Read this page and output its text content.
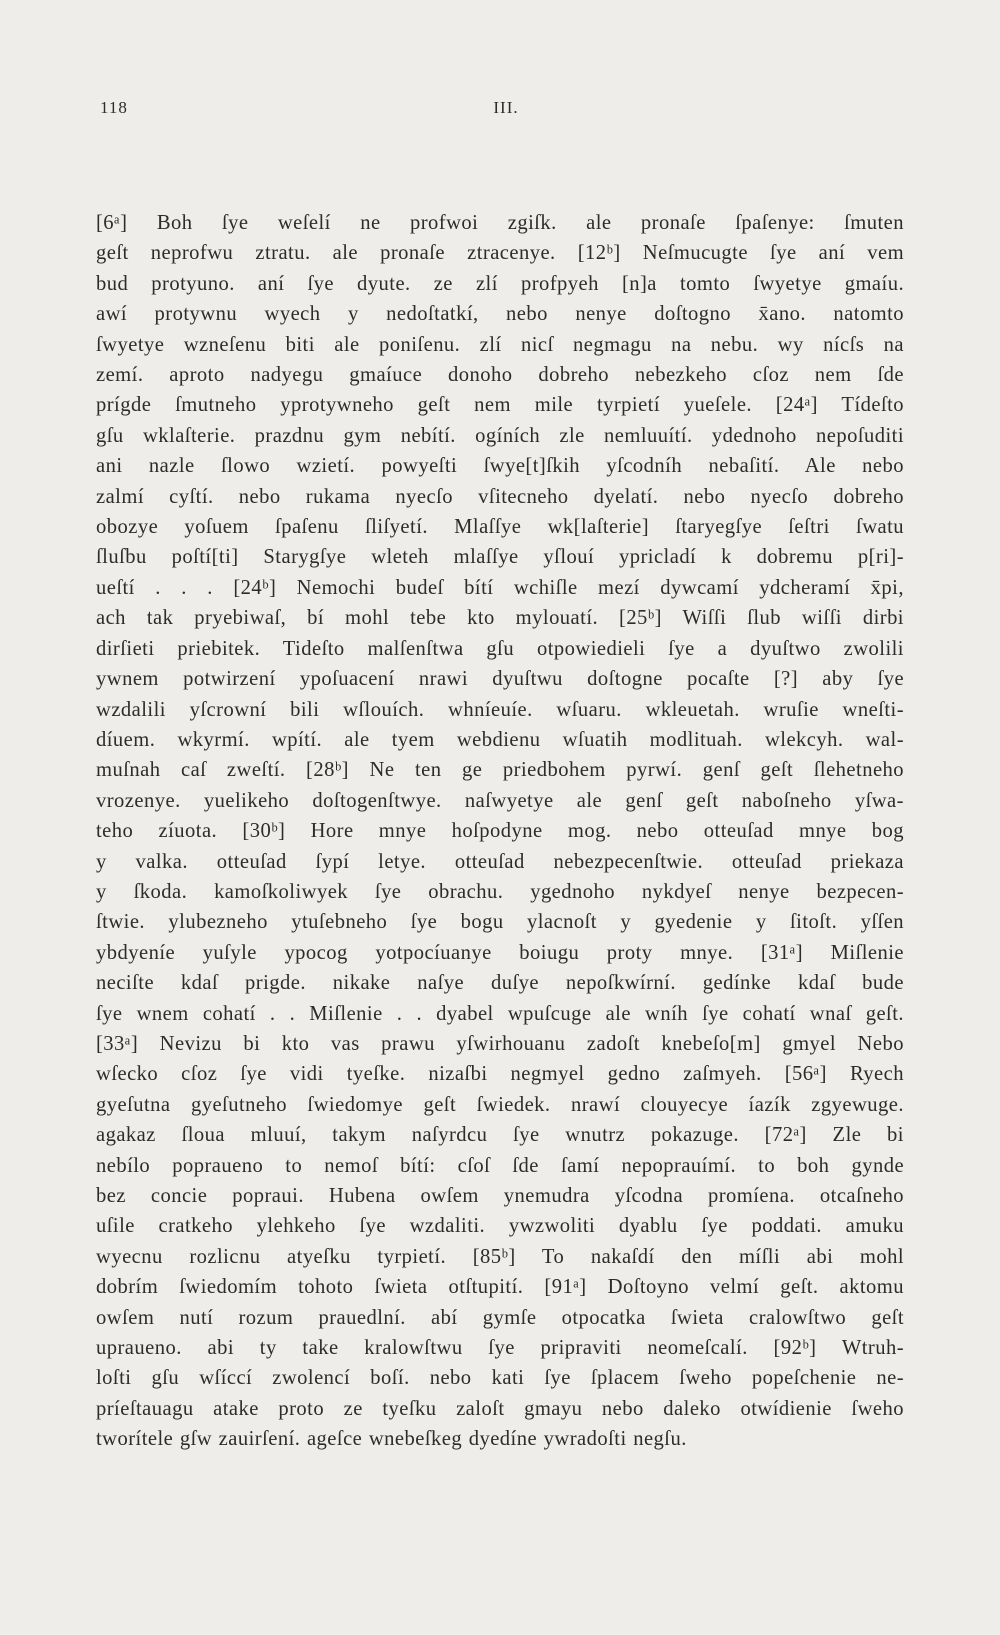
118	III.
[6ᵃ] Boh ſye weſelí ne profwoi zgiſk. ale pronaſe ſpaſenye: ſmuten
geſt neprofwu ztratu. ale pronaſe ztracenye. [12ᵇ] Neſmucugte ſye aní vem
bud protyuno. aní ſye dyute. ze zlí profpyeh [n]a tomto ſwyetye gmaíu.
awí protywnu wyech y nedoſtatkí, nebo nenye doſtogno x̄ano. natomto
ſwyetye wzneſenu biti ale poniſenu. zlí nicſ negmagu na nebu. wy nícſs na
zemí. aproto nadyegu gmaíuce donoho dobreho nebezkeho cſoz nem ſde
prígde ſmutneho yprotywneho geſt nem mile tyrpietí yueſele. [24ᵃ] Tídeſto
gſu wklaſterie. prazdnu gym nebítí. ogíních zle nemluuítí. ydednoho nepoſuditi
ani nazle ſlowo wzietí. powyeſti ſwye[t]ſkih yſcodníh nebaſití. Ale nebo
zalmí cyſtí. nebo rukama nyecſo vſitecneho dyelatí. nebo nyecſo dobreho
obozye yoſuem ſpaſenu ſliſyetí. Mlaſſye wk[laſterie] ſtaryegſye ſeſtri ſwatu
ſluſbu poſtí[ti] Starygſye wleteh mlaſſye yſlouí ypricladí k dobremu p[ri]-
ueſtí . . . [24ᵇ] Nemochi budeſ bítí wchiſle mezí dywcamí ydcheramí x̄pi,
ach tak pryebiwaſ, bí mohl tebe kto mylouatí. [25ᵇ] Wiſſi ſlub wiſſi dirbi
dirſieti priebitek. Tideſto malſenſtwa gſu otpowiedieli ſye a dyuſtwo zwolili
ywnem potwirzení ypoſuacení nrawi dyuſtwu doſtogne pocaſte [?] aby ſye
wzdalili yſcrowní bili wſlouích. whníeuíe. wſuaru. wkleuetah. wruſie wneſti-
díuem. wkyrmí. wpítí. ale tyem webdienu wſuatih modlituah. wlekcyh. wal-
muſnah caſ zweſtí. [28ᵇ] Ne ten ge priedbohem pyrwí. genſ geſt ſlehetneho
vrozenye. yuelikeho doſtogenſtwye. naſwyetye ale genſ geſt naboſneho yſwa-
teho zíuota. [30ᵇ] Hore mnye hoſpodyne mog. nebo otteuſad mnye bog
y valka. otteuſad ſypí letye. otteuſad nebezpecenſtwie. otteuſad priekaza
y ſkoda. kamoſkoliwyek ſye obrachu. ygednoho nykdyeſ nenye bezpecen-
ſtwie. ylubezneho ytuſebneho ſye bogu ylacnoſt y gyedenie y ſitoſt. yſſen
ybdyeníe yuſyle ypocog yotpocíuanye boiugu proty mnye. [31ᵃ] Miſlenie
neciſte kdaſ prigde. nikake naſye duſye nepoſkwírní. gedínke kdaſ bude
ſye wnem cohatí . . Miſlenie . . dyabel wpuſcuge ale wníh ſye cohatí wnaſ geſt.
[33ᵃ] Nevizu bi kto vas prawu yſwirhouanu zadoſt knebeſo[m] gmyel Nebo
wſecko cſoz ſye vidi tyeſke. nizaſbi negmyel gedno zaſmyeh. [56ᵃ] Ryech
gyeſutna gyeſutneho ſwiedomye geſt ſwiedek. nrawí clouyecye íazík zgyewuge.
agakaz ſloua mluuí, takym naſyrdcu ſye wnutrz pokazuge. [72ᵃ] Zle bi
nebílo poprauenо to nemoſ bítí: cſoſ ſde ſamí nepoprauímí. to boh gynde
bez concie popraui. Hubena owſem ynemudra yſcodna promíena. otcaſneho
uſile cratkeho ylehkeho ſye wzdaliti. ywzwoliti dyablu ſye poddati. amuku
wyecnu rozlicnu atyeſku tyrpietí. [85ᵇ] To nakaſdí den míſli abi mohl
dobrím ſwiedomím tohoto ſwieta otſtupití. [91ᵃ] Doſtoyno velmí geſt. aktomu
owſem nutí rozum prauedlní. abí gymſe otpocatka ſwieta cralowſtwo geſt
uprauenо. abi ty take kralowſtwu ſye pripraviti neomeſcalí. [92ᵇ] Wtruh-
loſti gſu wſíccí zwolencí boſí. nebo kati ſye ſplacem ſweho popeſchenie ne-
príeſtauagu atake proto ze tyeſku zaloſt gmayu nebo daleko otwídienie ſweho
tworítele gſw zauirſení. ageſce wnebeſkeg dyedíne ywradoſti negſu.
